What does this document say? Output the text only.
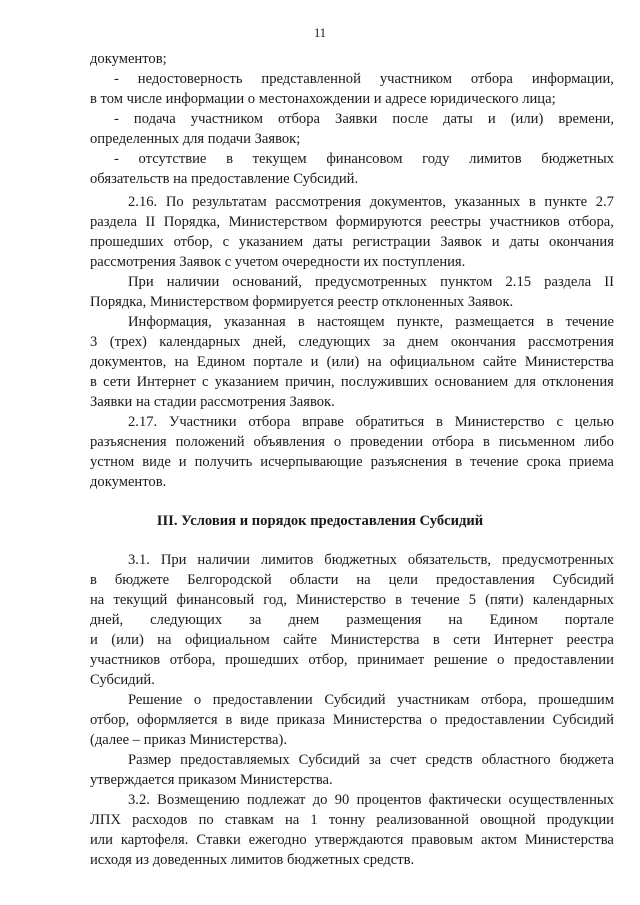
11
документов;
- недостоверность представленной участником отбора информации,
в том числе информации о местонахождении и адресе юридического лица;
- подача участником отбора Заявки после даты и (или) времени,
определенных для подачи Заявок;
- отсутствие в текущем финансовом году лимитов бюджетных
обязательств на предоставление Субсидий.
2.16. По результатам рассмотрения документов, указанных в пункте 2.7
раздела II Порядка, Министерством формируются реестры участников отбора,
прошедших отбор, с указанием даты регистрации Заявок и даты окончания
рассмотрения Заявок с учетом очередности их поступления.
При наличии оснований, предусмотренных пунктом 2.15 раздела II
Порядка, Министерством формируется реестр отклоненных Заявок.
Информация, указанная в настоящем пункте, размещается в течение
3 (трех) календарных дней, следующих за днем окончания рассмотрения
документов, на Едином портале и (или) на официальном сайте Министерства
в сети Интернет с указанием причин, послуживших основанием для отклонения
Заявки на стадии рассмотрения Заявок.
2.17. Участники отбора вправе обратиться в Министерство с целью
разъяснения положений объявления о проведении отбора в письменном либо
устном виде и получить исчерпывающие разъяснения в течение срока приема
документов.
III. Условия и порядок предоставления Субсидий
3.1. При наличии лимитов бюджетных обязательств, предусмотренных
в бюджете Белгородской области на цели предоставления Субсидий
на текущий финансовый год, Министерство в течение 5 (пяти) календарных
дней, следующих за днем размещения на Едином портале
и (или) на официальном сайте Министерства в сети Интернет реестра
участников отбора, прошедших отбор, принимает решение о предоставлении
Субсидий.
Решение о предоставлении Субсидий участникам отбора, прошедшим
отбор, оформляется в виде приказа Министерства о предоставлении Субсидий
(далее – приказ Министерства).
Размер предоставляемых Субсидий за счет средств областного бюджета
утверждается приказом Министерства.
3.2. Возмещению подлежат до 90 процентов фактически осуществленных
ЛПХ расходов по ставкам на 1 тонну реализованной овощной продукции
или картофеля. Ставки ежегодно утверждаются правовым актом Министерства
исходя из доведенных лимитов бюджетных средств.
